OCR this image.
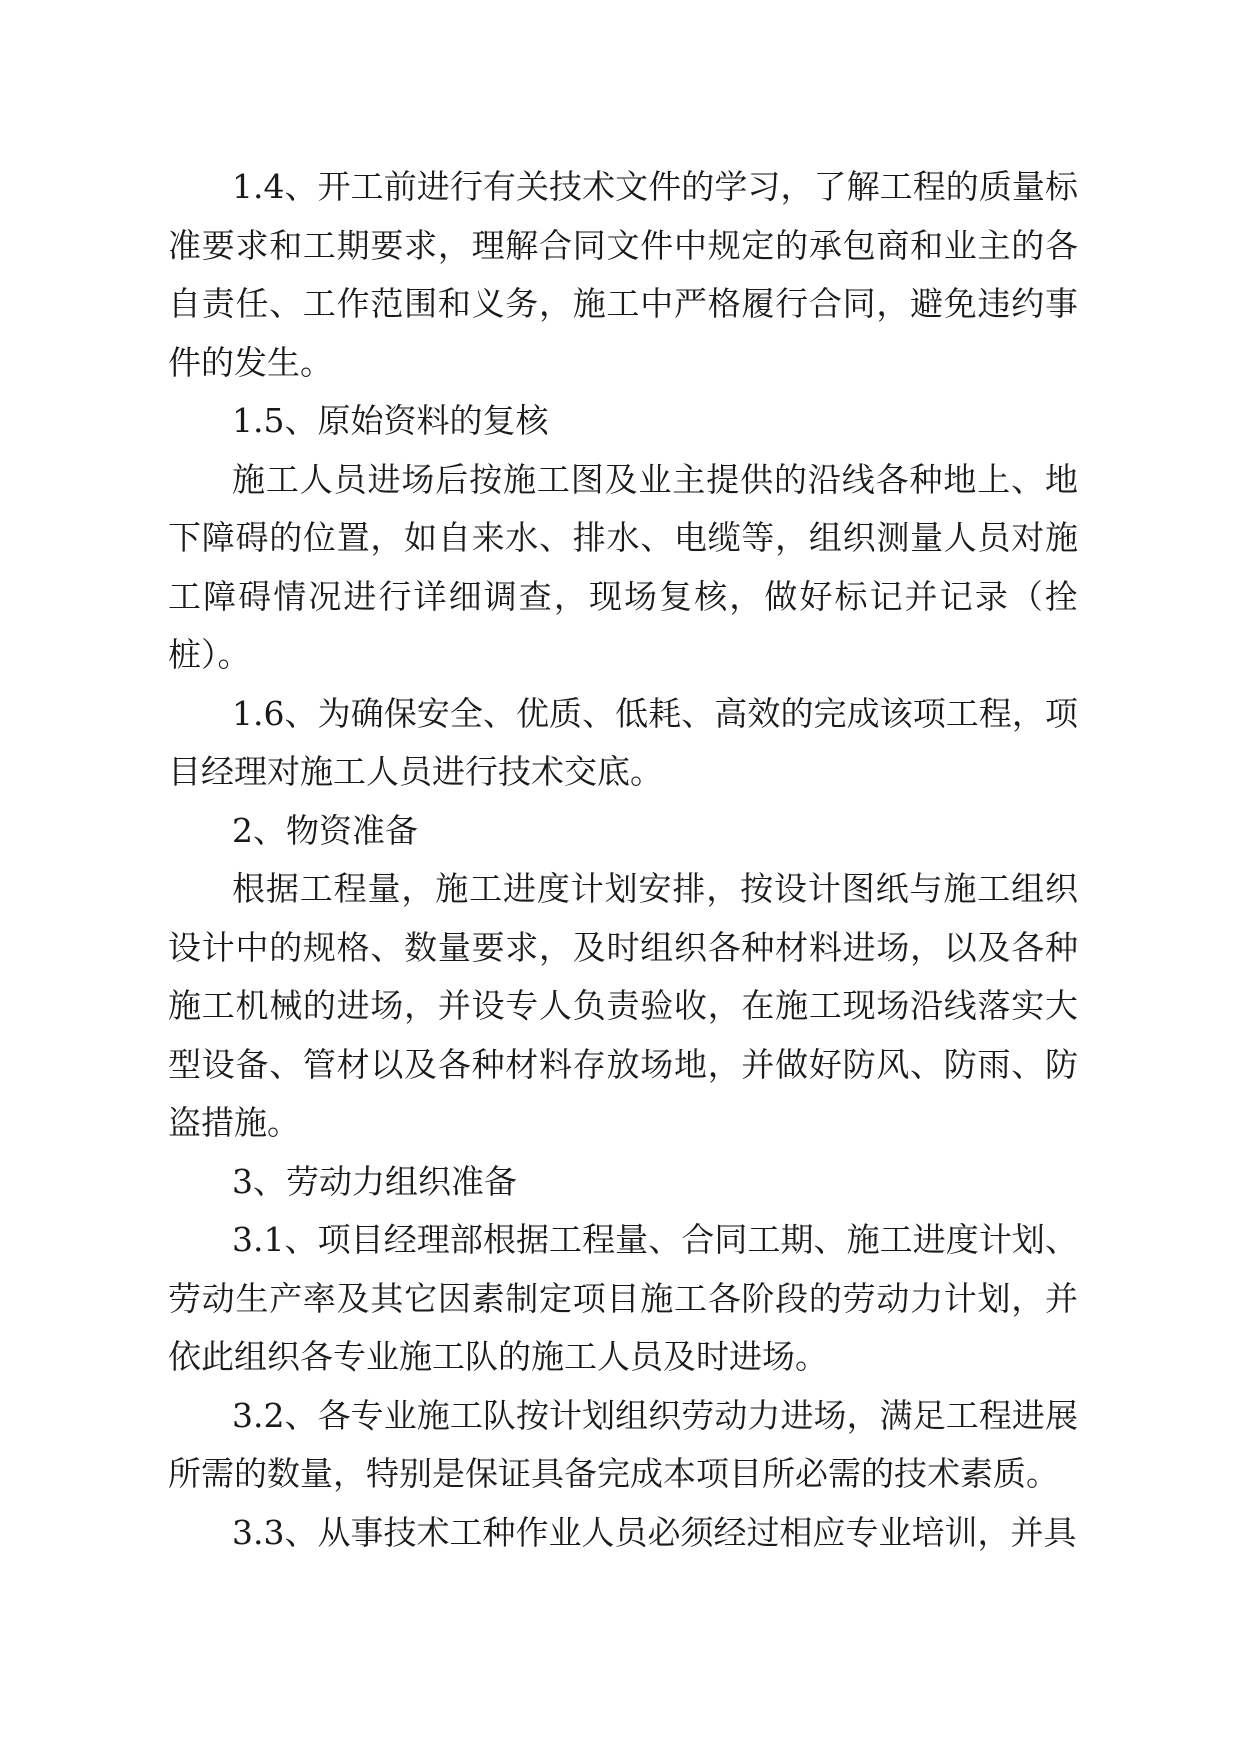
1.4、开工前进行有关技术文件的学习，了解工程的质量标准要求和工期要求，理解合同文件中规定的承包商和业主的各自责任、工作范围和义务，施工中严格履行合同，避免违约事件的发生。

1.5、原始资料的复核

施工人员进场后按施工图及业主提供的沿线各种地上、地下障碍的位置，如自来水、排水、电缆等，组织测量人员对施工障碍情况进行详细调查，现场复核，做好标记并记录（拴桩）。

1.6、为确保安全、优质、低耗、高效的完成该项工程，项目经理对施工人员进行技术交底。

2、物资准备

根据工程量，施工进度计划安排，按设计图纸与施工组织设计中的规格、数量要求，及时组织各种材料进场，以及各种施工机械的进场，并设专人负责验收，在施工现场沿线落实大型设备、管材以及各种材料存放场地，并做好防风、防雨、防盗措施。

3、劳动力组织准备

3.1、项目经理部根据工程量、合同工期、施工进度计划、劳动生产率及其它因素制定项目施工各阶段的劳动力计划，并依此组织各专业施工队的施工人员及时进场。

3.2、各专业施工队按计划组织劳动力进场，满足工程进展所需的数量，特别是保证具备完成本项目所必需的技术素质。

3.3、从事技术工种作业人员必须经过相应专业培训，并具
